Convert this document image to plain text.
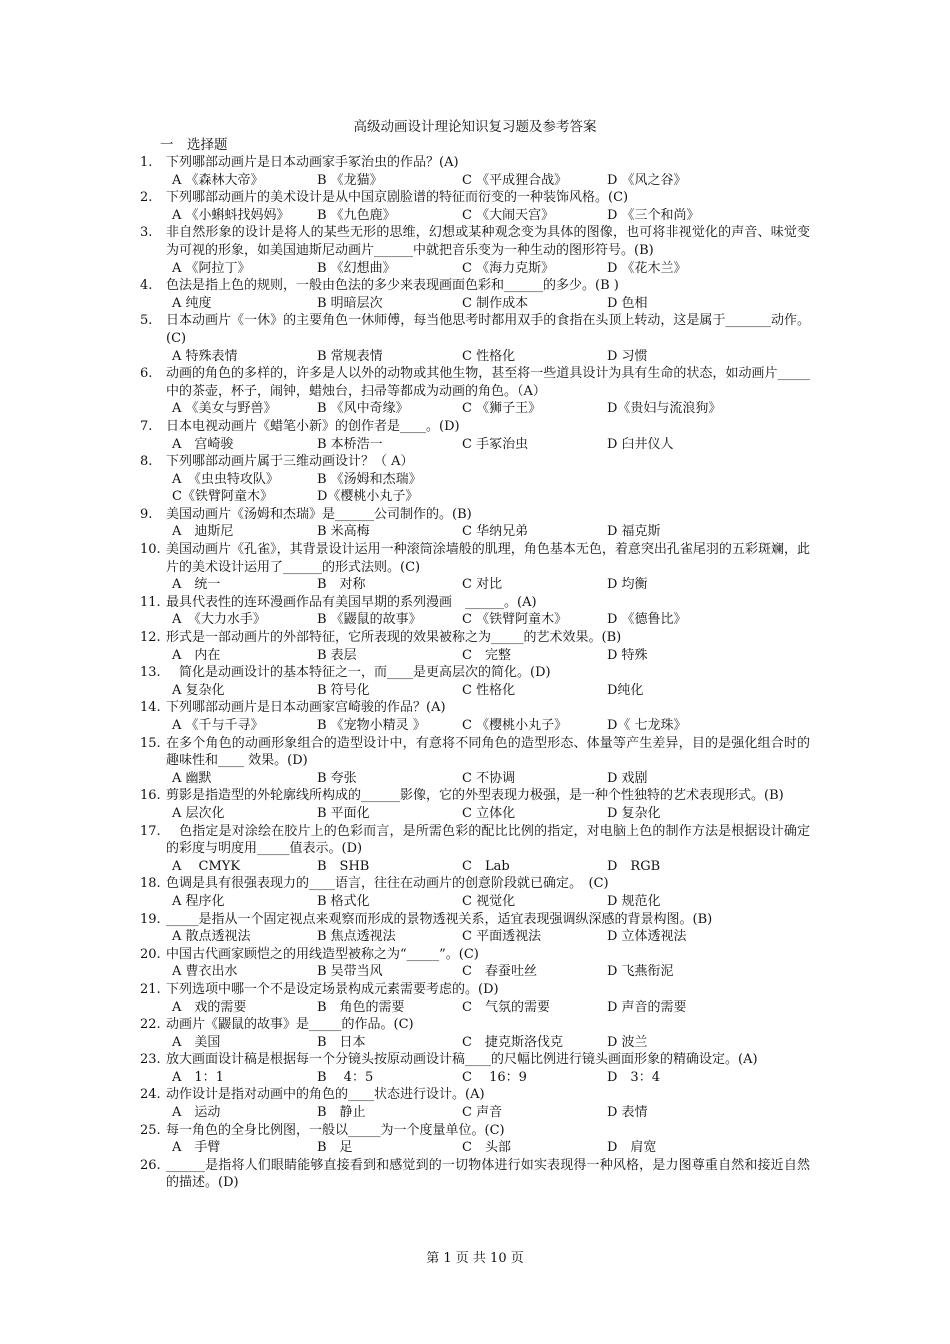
高级动画设计理论知识复习题及参考答案
一　选择题
1.	下列哪部动画片是日本动画家手冢治虫的作品？(A)
A 《森林大帝》	B 《龙猫》	C 《平成狸合战》	D 《风之谷》
2.	下列哪部动画片的美术设计是从中国京剧脸谱的特征而衍变的一种装饰风格。(C)
A 《小蝌蚪找妈妈》 B 《九色鹿》	C 《大闹天宫》	D 《三个和尚》
3.	非自然形象的设计是将人的某些无形的思维，幻想或某种观念变为具体的图像，也可将非视觉化的声音、味觉变为可视的形象，如美国迪斯尼动画片______中就把音乐变为一种生动的图形符号。(B)
A 《阿拉丁》	B 《幻想曲》	C 《海力克斯》	D 《花木兰》
4.	色法是指上色的规则，一般由色法的多少来表现画面色彩和______的多少。(B )
A 纯度	B 明暗层次	C 制作成本	D 色相
5.	日本动画片《一休》的主要角色一休师傅，每当他思考时都用双手的食指在头顶上转动，这是属于_______动作。(C)
A 特殊表情	B 常规表情	C 性格化	D 习惯
6.	动画的角色的多样的，许多是人以外的动物或其他生物，甚至将一些道具设计为具有生命的状态，如动画片_____中的茶壶，杯子，闹钟，蜡烛台，扫帚等都成为动画的角色。（A）
A 《美女与野兽》	B 《风中奇缘》	C 《狮子王》	D《贵妇与流浪狗》
7.	日本电视动画片《蜡笔小新》的创作者是____。(D)
A　宫崎骏	B 本桥浩一	C 手冢治虫	D 臼井仪人
8.	下列哪部动画片属于三维动画设计？（ A）
A　《虫虫特攻队》	B 《汤姆和杰瑞》
C《铁臂阿童木》	D《樱桃小丸子》
9.	美国动画片《汤姆和杰瑞》是______公司制作的。(B)
A　迪斯尼	B 米高梅	C 华纳兄弟	D 福克斯
10. 美国动画片《孔雀》，其背景设计运用一种滚筒涂墙般的肌理，角色基本无色，着意突出孔雀尾羽的五彩斑斓，此片的美术设计运用了______的形式法则。(C)
A　统一	B　对称	C 对比	D 均衡
11. 最具代表性的连环漫画作品有美国早期的系列漫画　______。(A)
A　《大力水手》	B 《鼹鼠的故事》	C 《铁臂阿童木》	D 《德鲁比》
12. 形式是一部动画片的外部特征，它所表现的效果被称之为_____的艺术效果。(B)
A　内在	B 表层	C　完整	D 特殊
13. 　简化是动画设计的基本特征之一，而____是更高层次的简化。(D)
A 复杂化	B 符号化	C 性格化	D纯化
14. 下列哪部动画片是日本动画家宫崎骏的作品？(A)
A 《千与千寻》	B 《宠物小精灵 》	C 《樱桃小丸子》	D《 七龙珠》
15. 在多个角色的动画形象组合的造型设计中，有意将不同角色的造型形态、体量等产生差异，目的是强化组合时的趣味性和____ 效果。(D)
A 幽默	B 夸张	C 不协调	D 戏剧
16. 剪影是指造型的外轮廓线所构成的______影像，它的外型表现力极强，是一种个性独特的艺术表现形式。(B)
A 层次化	B 平面化	C 立体化	D 复杂化
17. 　色指定是对涂绘在胶片上的色彩而言，是所需色彩的配比比例的指定，对电脑上色的制作方法是根据设计确定的彩度与明度用_____值表示。(D)
A　 CMYK	B　SHB	C　Lab	D　RGB
18. 色调是具有很强表现力的____语言，往往在动画片的创意阶段就已确定。　(C)
A 程序化	B 格式化	C 视觉化	D 规范化
19. _____是指从一个固定视点来观察而形成的景物透视关系，适宜表现强调纵深感的背景构图。(B)
A 散点透视法	B 焦点透视法	C 平面透视法	D 立体透视法
20. 中国古代画家顾恺之的用线造型被称之为“_____”。(C)
A 曹衣出水	B 吴带当风	C　春蚕吐丝	D 飞燕衔泥
21. 下列选项中哪一个不是设定场景构成元素需要考虑的。(D)
A　戏的需要	B　角色的需要	C　气氛的需要	D 声音的需要
22. 动画片《鼹鼠的故事》是_____的作品。(C)
A　美国	B　日本	C　捷克斯洛伐克	D 波兰
23. 放大画面设计稿是根据每一个分镜头按原动画设计稿____的尺幅比例进行镜头画面形象的精确设定。(A)
A　1：1	B　 4：5	C　 16：9	D　3：4
24. 动作设计是指对动画中的角色的____状态进行设计。(A)
A　运动	B　静止	C 声音	D 表情
25. 每一角色的全身比例图，一般以_____为一个度量单位。(C)
A　手臂	B　足	C　头部	D　肩宽
26. ______是指将人们眼睛能够直接看到和感觉到的一切物体进行如实表现得一种风格，是力图尊重自然和接近自然的描述。(D)
第 1 页 共 10 页
